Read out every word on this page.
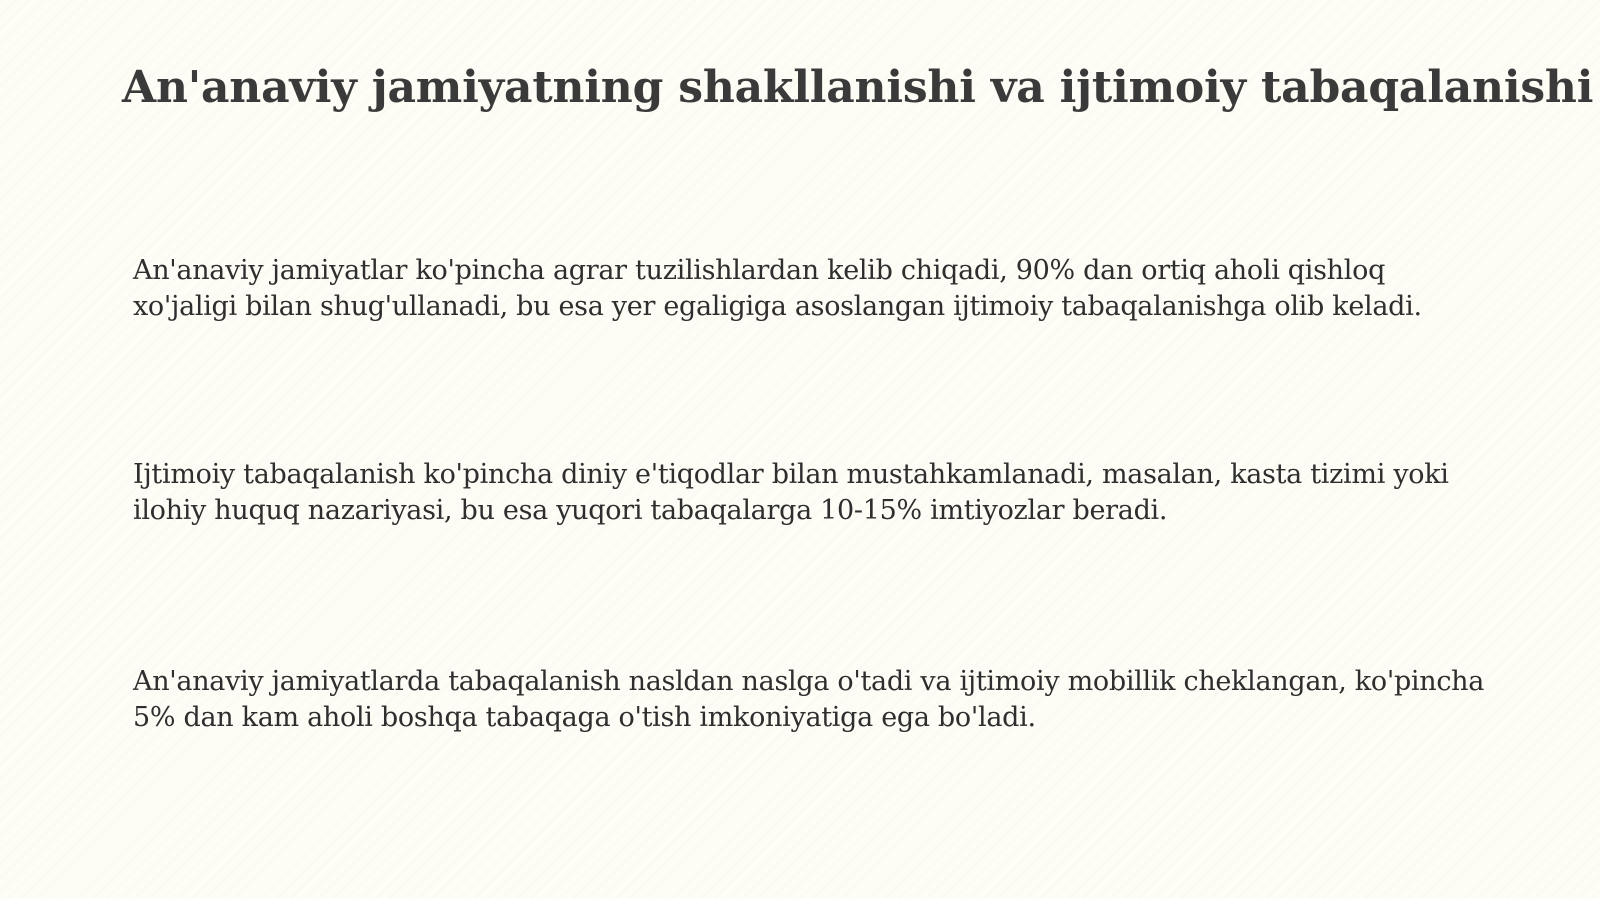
An'anaviy jamiyatning shakllanishi va ijtimoiy tabaqalanishi

An'anaviy jamiyatlar ko'pincha agrar tuzilishlardan kelib chiqadi, 90% dan ortiq aholi qishloq xo'jaligi bilan shug'ullanadi, bu esa yer egaligiga asoslangan ijtimoiy tabaqalanishga olib keladi.

Ijtimoiy tabaqalanish ko'pincha diniy e'tiqodlar bilan mustahkamlanadi, masalan, kasta tizimi yoki ilohiy huquq nazariyasi, bu esa yuqori tabaqalarga 10-15% imtiyozlar beradi.

An'anaviy jamiyatlarda tabaqalanish nasldan naslga o'tadi va ijtimoiy mobillik cheklangan, ko'pincha 5% dan kam aholi boshqa tabaqaga o'tish imkoniyatiga ega bo'ladi.
